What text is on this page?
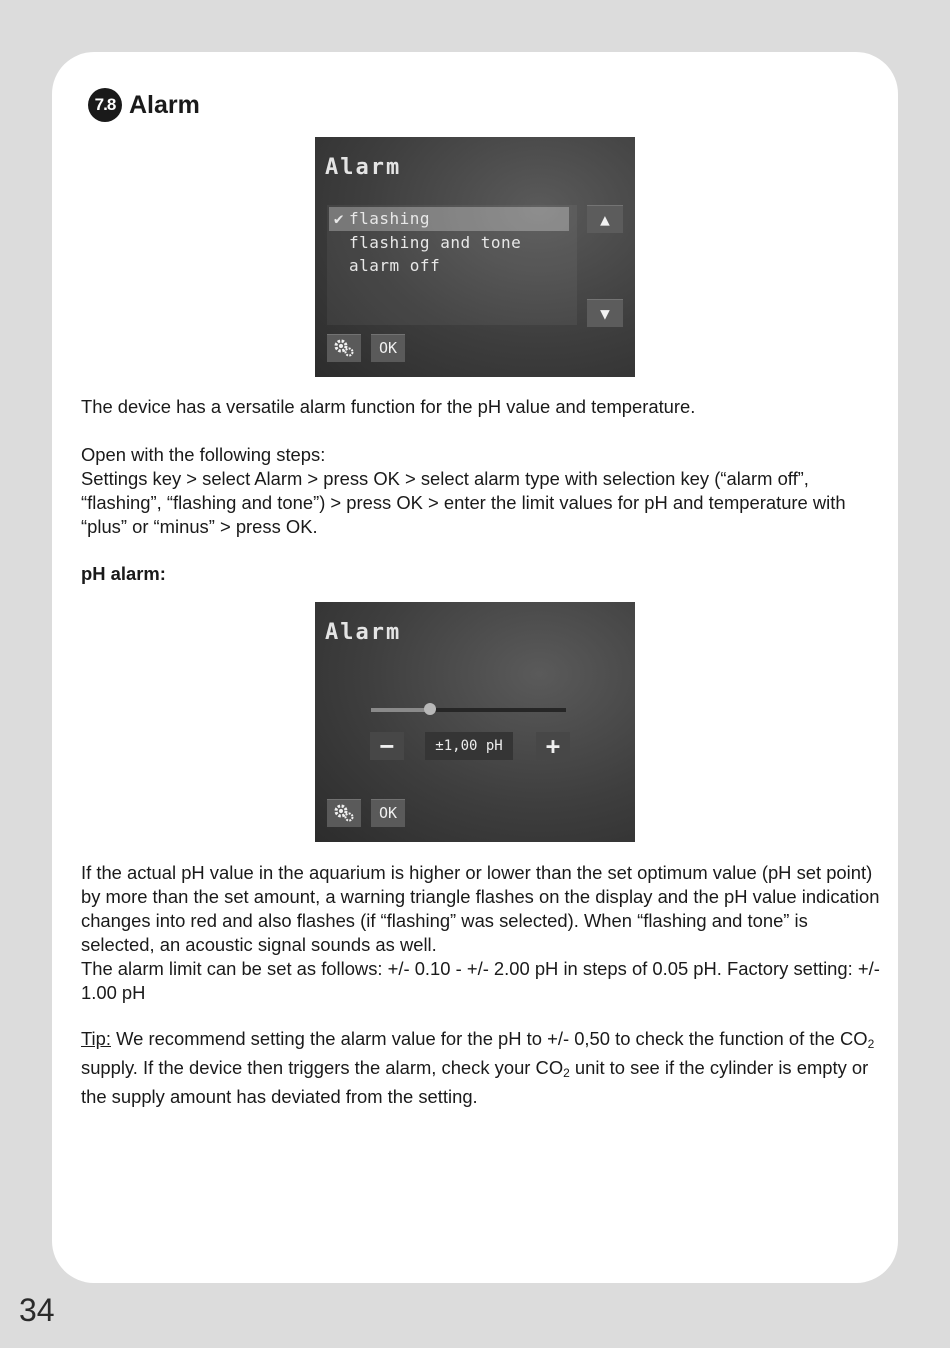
7.8 Alarm
Alarm
✔ flashing
flashing and tone
alarm off
▲
▼
OK
The device has a versatile alarm function for the pH value and temperature.

Open with the following steps:

Settings key > select Alarm > press OK > select alarm type with selection key (“alarm off”, “flashing”, “flashing and tone”) > press OK > enter the limit values for pH and temperature with “plus” or “minus” > press OK.

pH alarm:
Alarm
−	±1,00 pH	+
OK

If the actual pH value in the aquarium is higher or lower than the set optimum value (pH set point) by more than the set amount, a warning triangle flashes on the display and the pH value indication changes into red and also flashes (if “flashing” was selected). When “flashing and tone” is selected, an acoustic signal sounds as well.

The alarm limit can be set as follows: +/- 0.10 - +/- 2.00 pH in steps of 0.05 pH. Factory setting: +/- 1.00 pH

Tip: We recommend setting the alarm value for the pH to +/- 0,50 to check the function of the CO2 supply. If the device then triggers the alarm, check your CO2 unit to see if the cylinder is empty or the supply amount has deviated from the setting.
34
